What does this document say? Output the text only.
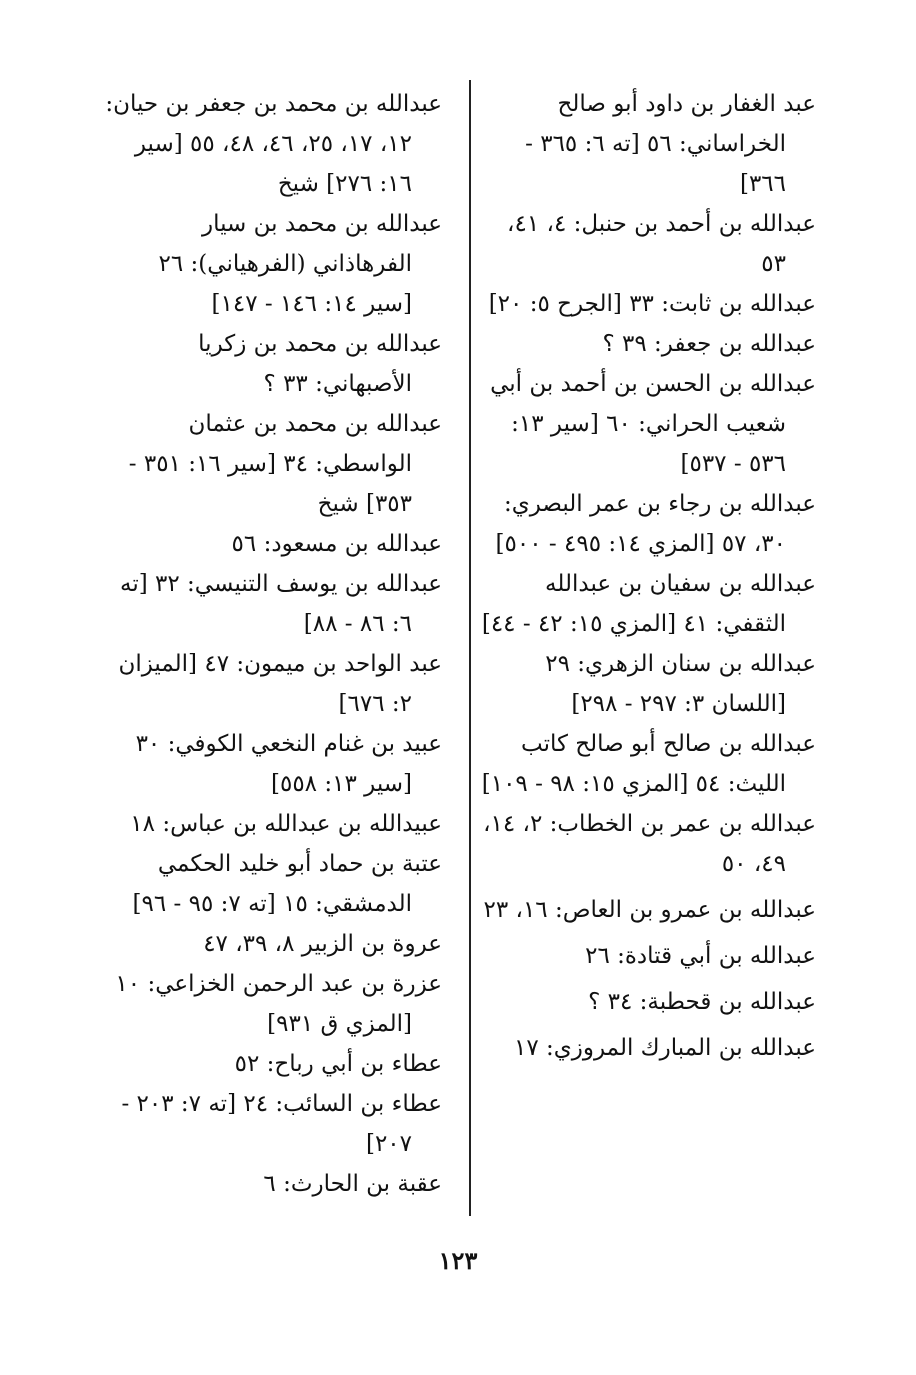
عبد الغفار بن داود أبو صالح الخراساني: ٥٦ [ته ٦: ٣٦٥ - ٣٦٦]

عبدالله بن أحمد بن حنبل: ٤، ٤١، ٥٣

عبدالله بن ثابت: ٣٣ [الجرح ٥: ٢٠]

عبدالله بن جعفر: ٣٩ ؟

عبدالله بن الحسن بن أحمد بن أبي شعيب الحراني: ٦٠ [سير ١٣: ٥٣٦ - ٥٣٧]

عبدالله بن رجاء بن عمر البصري: ٣٠، ٥٧ [المزي ١٤: ٤٩٥ - ٥٠٠]

عبدالله بن سفيان بن عبدالله الثقفي: ٤١ [المزي ١٥: ٤٢ - ٤٤]

عبدالله بن سنان الزهري: ٢٩ [اللسان ٣: ٢٩٧ - ٢٩٨]

عبدالله بن صالح أبو صالح كاتب الليث: ٥٤ [المزي ١٥: ٩٨ - ١٠٩]

عبدالله بن عمر بن الخطاب: ٢، ١٤، ٤٩، ٥٠

عبدالله بن عمرو بن العاص: ١٦، ٢٣

عبدالله بن أبي قتادة: ٢٦

عبدالله بن قحطبة: ٣٤ ؟

عبدالله بن المبارك المروزي: ١٧

عبدالله بن محمد بن جعفر بن حيان: ١٢، ١٧، ٢٥، ٤٦، ٤٨، ٥٥ [سير ١٦: ٢٧٦] شيخ

عبدالله بن محمد بن سيار الفرهاذاني (الفرهياني): ٢٦ [سير ١٤: ١٤٦ - ١٤٧]

عبدالله بن محمد بن زكريا الأصبهاني: ٣٣ ؟

عبدالله بن محمد بن عثمان الواسطي: ٣٤ [سير ١٦: ٣٥١ - ٣٥٣] شيخ

عبدالله بن مسعود: ٥٦

عبدالله بن يوسف التنيسي: ٣٢ [ته ٦: ٨٦ - ٨٨]

عبد الواحد بن ميمون: ٤٧ [الميزان ٢: ٦٧٦]

عبيد بن غنام النخعي الكوفي: ٣٠ [سير ١٣: ٥٥٨]

عبيدالله بن عبدالله بن عباس: ١٨

عتبة بن حماد أبو خليد الحكمي الدمشقي: ١٥ [ته ٧: ٩٥ - ٩٦]

عروة بن الزبير ٨، ٣٩، ٤٧

عزرة بن عبد الرحمن الخزاعي: ١٠ [المزي ق ٩٣١]

عطاء بن أبي رباح: ٥٢

عطاء بن السائب: ٢٤ [ته ٧: ٢٠٣ - ٢٠٧]

عقبة بن الحارث: ٦

١٢٣
